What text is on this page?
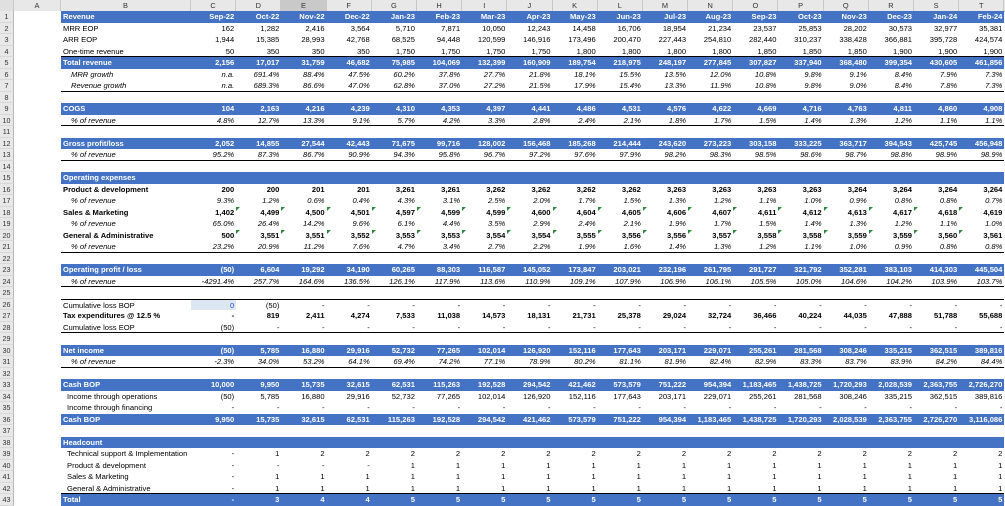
A	B	C	D	E	F	G	H	I	J	K	L	M	N	O	P	Q	R	S	T
1	Revenue	Sep-22	Oct-22	Nov-22	Dec-22	Jan-23	Feb-23	Mar-23	Apr-23	May-23	Jun-23	Jul-23	Aug-23	Sep-23	Oct-23	Nov-23	Dec-23	Jan-24	Feb-24
2	MRR EOP	162	1,282	2,416	3,564	5,710	7,871	10,050	12,243	14,458	16,706	18,954	21,234	23,537	25,853	28,202	30,573	32,977	35,381
3	ARR EOP	1,944	15,385	28,993	42,768	68,525	94,448	120,599	146,916	173,496	200,470	227,443	254,810	282,440	310,237	338,428	366,881	395,728	424,574
4	One-time revenue	50	350	350	350	1,750	1,750	1,750	1,750	1,800	1,800	1,800	1,800	1,850	1,850	1,850	1,900	1,900	1,900
5	Total revenue	2,156	17,017	31,759	46,682	75,985	104,069	132,399	160,909	189,754	218,975	248,197	277,845	307,827	337,940	368,480	399,354	430,605	461,856
6	MRR growth	n.a.	691.4%	88.4%	47.5%	60.2%	37.8%	27.7%	21.8%	18.1%	15.5%	13.5%	12.0%	10.8%	9.8%	9.1%	8.4%	7.9%	7.3%
7	Revenue growth	n.a.	689.3%	86.6%	47.0%	62.8%	37.0%	27.2%	21.5%	17.9%	15.4%	13.3%	11.9%	10.8%	9.8%	9.0%	8.4%	7.8%	7.3%
8
9	COGS	104	2,163	4,216	4,239	4,310	4,353	4,397	4,441	4,486	4,531	4,576	4,622	4,669	4,716	4,763	4,811	4,860	4,908
10	% of revenue	4.8%	12.7%	13.3%	9.1%	5.7%	4.2%	3.3%	2.8%	2.4%	2.1%	1.8%	1.7%	1.5%	1.4%	1.3%	1.2%	1.1%	1.1%
11
12	Gross profit/loss	2,052	14,855	27,544	42,443	71,675	99,716	128,002	156,468	185,268	214,444	243,620	273,223	303,158	333,225	363,717	394,543	425,745	456,948
13	% of revenue	95.2%	87.3%	86.7%	90.9%	94.3%	95.8%	96.7%	97.2%	97.6%	97.9%	98.2%	98.3%	98.5%	98.6%	98.7%	98.8%	98.9%	98.9%
14
15	Operating expenses
16	Product & development	200	200	201	201	3,261	3,261	3,262	3,262	3,262	3,262	3,263	3,263	3,263	3,263	3,264	3,264	3,264	3,264
17	% of revenue	9.3%	1.2%	0.6%	0.4%	4.3%	3.1%	2.5%	2.0%	1.7%	1.5%	1.3%	1.2%	1.1%	1.0%	0.9%	0.8%	0.8%	0.7%
18	Sales & Marketing	1,402	4,499	4,500	4,501	4,597	4,599	4,599	4,600	4,604	4,605	4,606	4,607	4,611	4,612	4,613	4,617	4,618	4,619
19	% of revenue	65.0%	26.4%	14.2%	9.6%	6.1%	4.4%	3.5%	2.9%	2.4%	2.1%	1.9%	1.7%	1.5%	1.4%	1.3%	1.2%	1.1%	1.0%
20	General & Administrative	500	3,551	3,551	3,552	3,553	3,553	3,554	3,554	3,555	3,556	3,556	3,557	3,558	3,558	3,559	3,559	3,560	3,561
21	% of revenue	23.2%	20.9%	11.2%	7.6%	4.7%	3.4%	2.7%	2.2%	1.9%	1.6%	1.4%	1.3%	1.2%	1.1%	1.0%	0.9%	0.8%	0.8%
22
23	Operating profit / loss	(50)	6,604	19,292	34,190	60,265	88,303	116,587	145,052	173,847	203,021	232,196	261,795	291,727	321,792	352,281	383,103	414,303	445,504
24	% of revenue	-4291.4%	257.7%	164.6%	136.5%	126.1%	117.9%	113.6%	110.9%	109.1%	107.9%	106.9%	106.1%	105.5%	105.0%	104.6%	104.2%	103.9%	103.7%
25
26	Cumulative loss BOP	0	(50)	-	-	-	-	-	-	-	-	-	-	-	-	-	-	-	-
27	Tax expenditures @ 12.5 %	-	819	2,411	4,274	7,533	11,038	14,573	18,131	21,731	25,378	29,024	32,724	36,466	40,224	44,035	47,888	51,788	55,688
28	Cumulative loss EOP	(50)	-	-	-	-	-	-	-	-	-	-	-	-	-	-	-	-	-
29
30	Net income	(50)	5,785	16,880	29,916	52,732	77,265	102,014	126,920	152,116	177,643	203,171	229,071	255,261	281,568	308,246	335,215	362,515	389,816
31	% of revenue	-2.3%	34.0%	53.2%	64.1%	69.4%	74.2%	77.1%	78.9%	80.2%	81.1%	81.9%	82.4%	82.9%	83.3%	83.7%	83.9%	84.2%	84.4%
32
33	Cash BOP	10,000	9,950	15,735	32,615	62,531	115,263	192,528	294,542	421,462	573,579	751,222	954,394	1,183,465	1,438,725	1,720,293	2,028,539	2,363,755	2,726,270
34	Income through operations	(50)	5,785	16,880	29,916	52,732	77,265	102,014	126,920	152,116	177,643	203,171	229,071	255,261	281,568	308,246	335,215	362,515	389,816
35	Income through financing	-	-	-	-	-	-	-	-	-	-	-	-	-	-	-	-	-	-
36	Cash BOP	9,950	15,735	32,615	62,531	115,263	192,528	294,542	421,462	573,579	751,222	954,394	1,183,465	1,438,725	1,720,293	2,028,539	2,363,755	2,726,270	3,116,086
37
38	Headcount
39	Technical support & Implementation	-	1	2	2	2	2	2	2	2	2	2	2	2	2	2	2	2	2
40	Product & development	-	-	-	-	1	1	1	1	1	1	1	1	1	1	1	1	1	1
41	Sales & Marketing	-	1	1	1	1	1	1	1	1	1	1	1	1	1	1	1	1	1
42	General & Administrative	-	1	1	1	1	1	1	1	1	1	1	1	1	1	1	1	1	1
43	Total	-	3	4	4	5	5	5	5	5	5	5	5	5	5	5	5	5	5
